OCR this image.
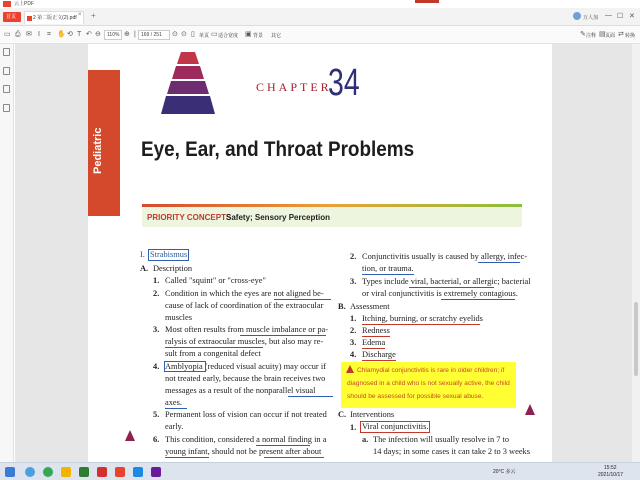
云上PDF
首页	2 第二版正文(2).pdf × +	万人加 — ☐ ✕
▭ ⎙ ✉ I ⌗ ✋ ⟲ T ↶ ⊖	110% ⊕ |	169 / 251	⊙ ⊙ ▯ 单页 ▭ 适合宽度 ▣ 背景 其它	✎ 注释 ▤ 页面 ⇄ 转换
CHAPTER
34
Pediatric Eye, Ear, and Throat Problems
PRIORITY CONCEPTS
Safety; Sensory Perception
I. Strabismus
A. Description
1. Called "squint" or "cross-eye"
2. Condition in which the eyes are not aligned be-
cause of lack of coordination of the extraocular
muscles
3. Most often results from muscle imbalance or pa-
ralysis of extraocular muscles, but also may re-
sult from a congenital defect
4. Amblyopia (reduced visual acuity) may occur if
not treated early, because the brain receives two
messages as a result of the nonparallel visual
axes.
5. Permanent loss of vision can occur if not treated
early.
6. This condition, considered a normal finding in a
young infant, should not be present after about
2. Conjunctivitis usually is caused by allergy, infec-
tion, or trauma.
3. Types include viral, bacterial, or allergic; bacterial
or viral conjunctivitis is extremely contagious.
B. Assessment
1. Itching, burning, or scratchy eyelids
2. Redness
3. Edema
4. Discharge
Chlamydial conjunctivitis is rare in older children; if
diagnosed in a child who is not sexually active, the child
should be assessed for possible sexual abuse.
C. Interventions
1. Viral conjunctivitis.
a. The infection will usually resolve in 7 to
14 days; in some cases it can take 2 to 3 weeks
20°C 多云
15:52
2021/10/17
